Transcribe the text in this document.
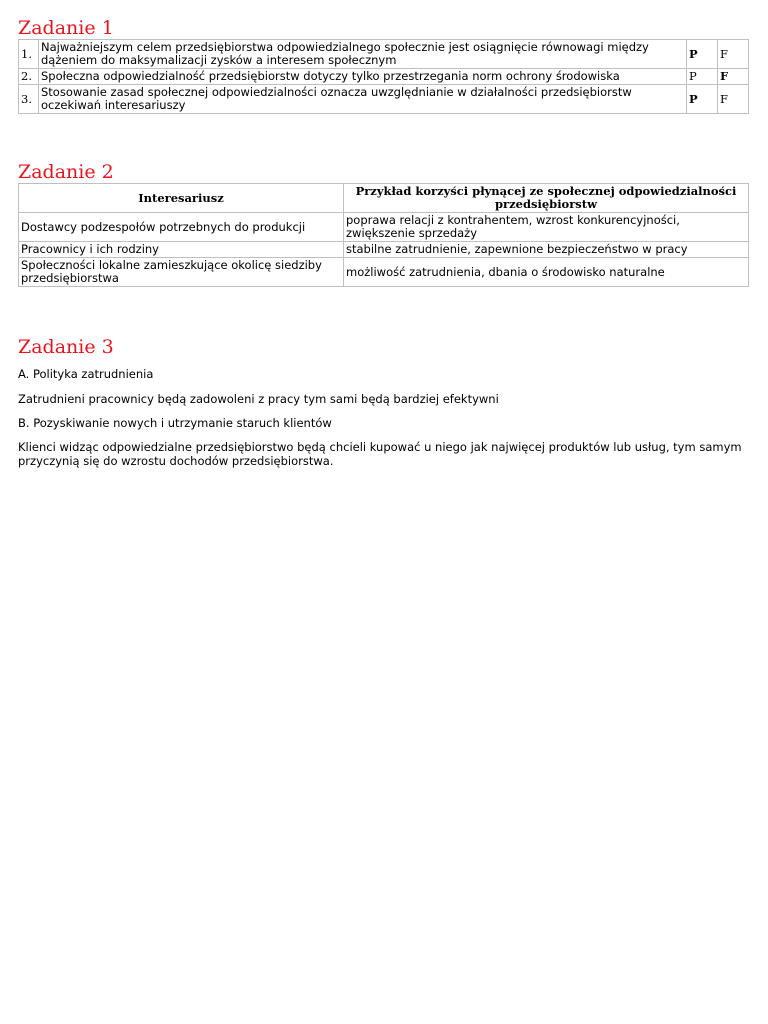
Zadanie 1
1.	Najważniejszym celem przedsiębiorstwa odpowiedzialnego społecznie jest osiągnięcie równowagi między dążeniem do maksymalizacji zysków a interesem społecznym	P	F
2.	Społeczna odpowiedzialność przedsiębiorstw dotyczy tylko przestrzegania norm ochrony środowiska	P	F
3.	Stosowanie zasad społecznej odpowiedzialności oznacza uwzględnianie w działalności przedsiębiorstw oczekiwań interesariuszy	P	F
Zadanie 2
Interesariusz	Przykład korzyści płynącej ze społecznej odpowiedzialności przedsiębiorstw
Dostawcy podzespołów potrzebnych do produkcji	poprawa relacji z kontrahentem, wzrost konkurencyjności, zwiększenie sprzedaży
Pracownicy i ich rodziny	stabilne zatrudnienie, zapewnione bezpieczeństwo w pracy
Społeczności lokalne zamieszkujące okolicę siedziby przedsiębiorstwa	możliwość zatrudnienia, dbania o środowisko naturalne
Zadanie 3

A. Polityka zatrudnienia

Zatrudnieni pracownicy będą zadowoleni z pracy tym sami będą bardziej efektywni

B. Pozyskiwanie nowych i utrzymanie staruch klientów

Klienci widząc odpowiedzialne przedsiębiorstwo będą chcieli kupować u niego jak najwięcej produktów lub usług, tym samym przyczynią się do wzrostu dochodów przedsiębiorstwa.
